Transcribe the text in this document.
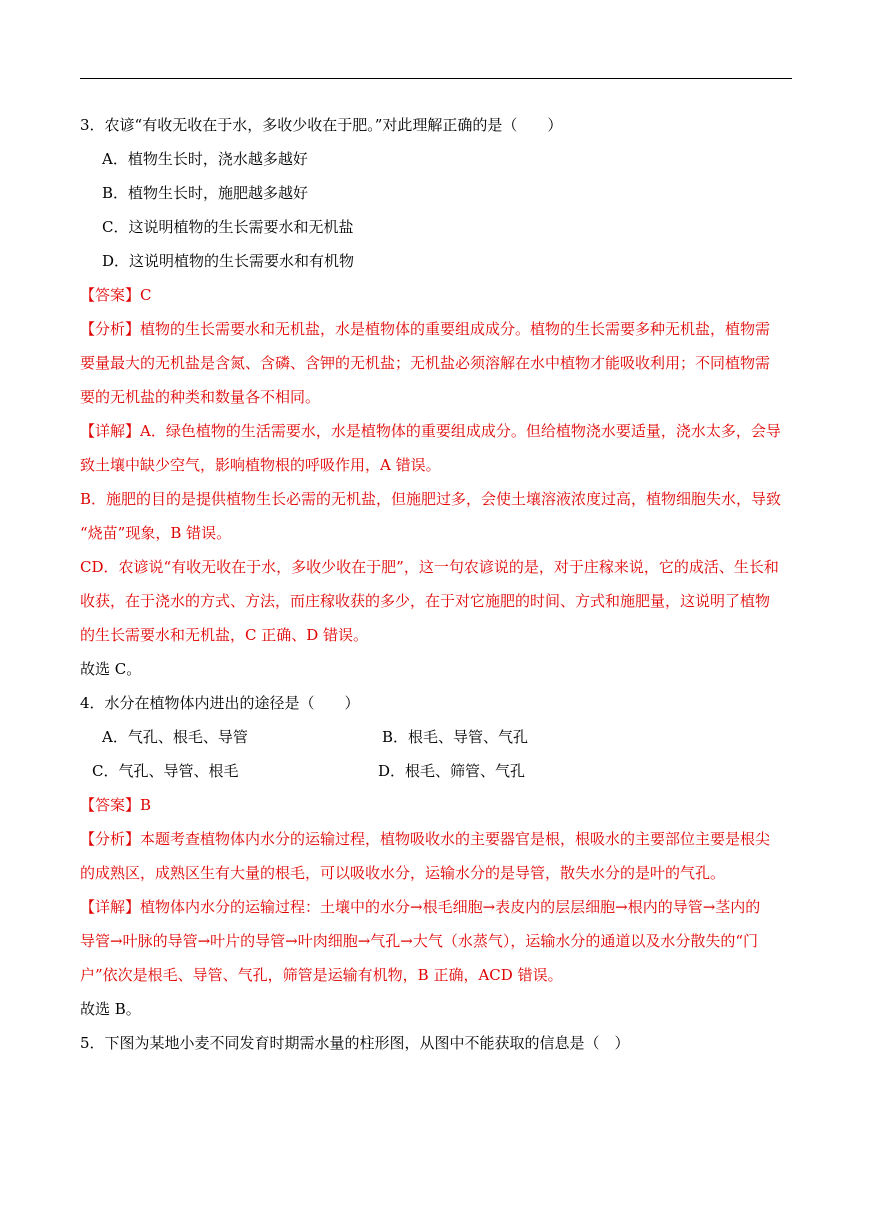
3．农谚“有收无收在于水，多收少收在于肥。”对此理解正确的是（　　）

A．植物生长时，浇水越多越好

B．植物生长时，施肥越多越好

C．这说明植物的生长需要水和无机盐

D．这说明植物的生长需要水和有机物

【答案】C

【分析】植物的生长需要水和无机盐，水是植物体的重要组成成分。植物的生长需要多种无机盐，植物需

要量最大的无机盐是含氮、含磷、含钾的无机盐；无机盐必须溶解在水中植物才能吸收利用；不同植物需

要的无机盐的种类和数量各不相同。

【详解】A．绿色植物的生活需要水，水是植物体的重要组成成分。但给植物浇水要适量，浇水太多，会导

致土壤中缺少空气，影响植物根的呼吸作用，A 错误。

B．施肥的目的是提供植物生长必需的无机盐，但施肥过多，会使土壤溶液浓度过高，植物细胞失水，导致

“烧苗”现象，B 错误。

CD．农谚说“有收无收在于水，多收少收在于肥”，这一句农谚说的是，对于庄稼来说，它的成活、生长和

收获，在于浇水的方式、方法，而庄稼收获的多少，在于对它施肥的时间、方式和施肥量，这说明了植物

的生长需要水和无机盐，C 正确、D 错误。

故选 C。

4．水分在植物体内进出的途径是（　　）

A．气孔、根毛、导管	B．根毛、导管、气孔
C．气孔、导管、根毛	D．根毛、筛管、气孔

【答案】B

【分析】本题考查植物体内水分的运输过程，植物吸收水的主要器官是根，根吸水的主要部位主要是根尖

的成熟区，成熟区生有大量的根毛，可以吸收水分，运输水分的是导管，散失水分的是叶的气孔。

【详解】植物体内水分的运输过程：土壤中的水分→根毛细胞→表皮内的层层细胞→根内的导管→茎内的

导管→叶脉的导管→叶片的导管→叶肉细胞→气孔→大气（水蒸气），运输水分的通道以及水分散失的“门

户”依次是根毛、导管、气孔，筛管是运输有机物，B 正确，ACD 错误。

故选 B。

5．下图为某地小麦不同发育时期需水量的柱形图，从图中不能获取的信息是（　）
